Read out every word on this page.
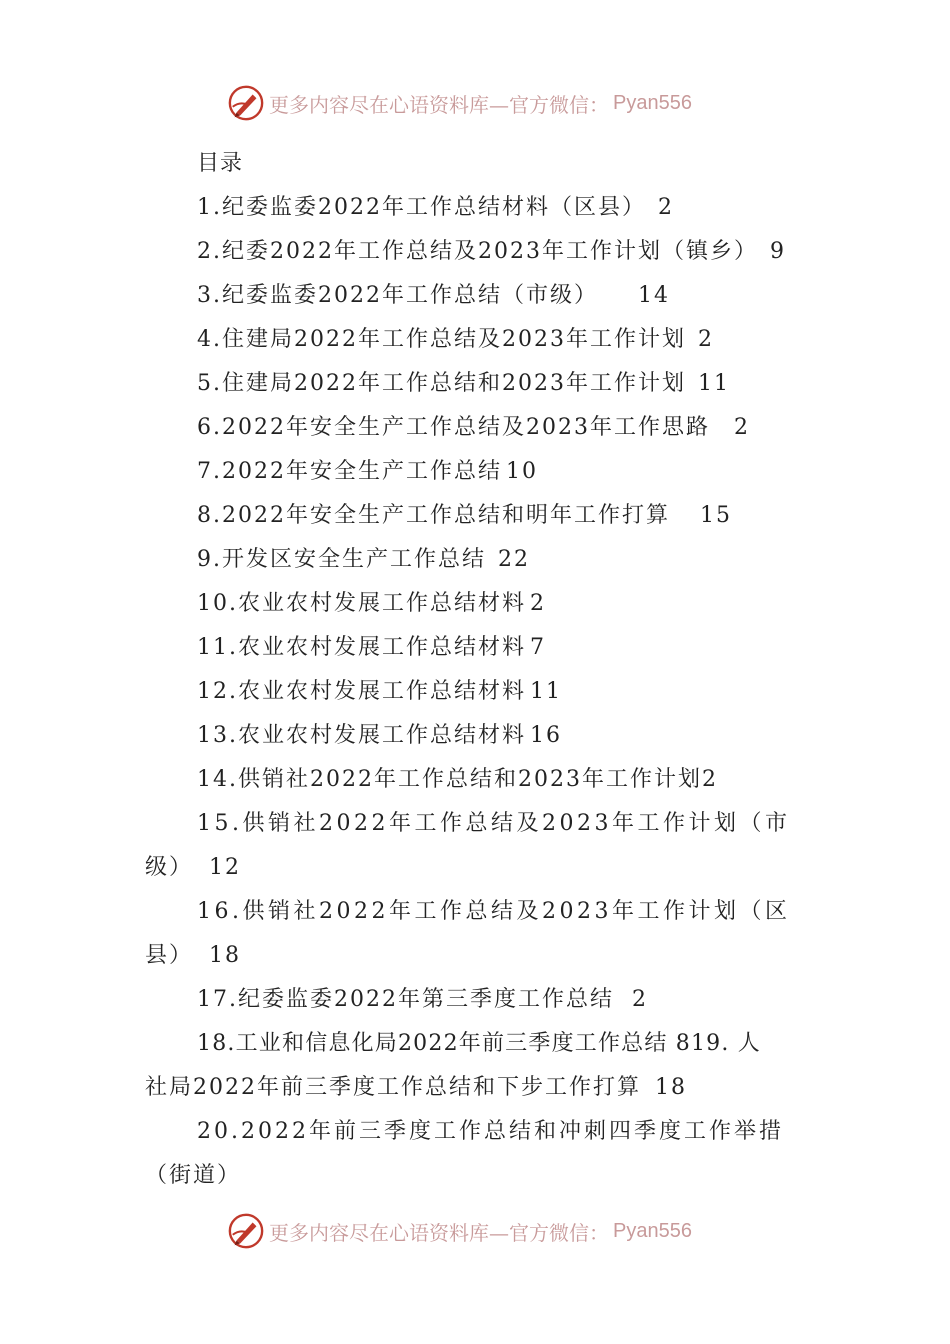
更多内容尽在心语资料库—官方微信： Pyan556
目录
1.纪委监委2022年工作总结材料（区县） 2
2.纪委2022年工作总结及2023年工作计划（镇乡） 9
3.纪委监委2022年工作总结（市级） 14
4.住建局2022年工作总结及2023年工作计划 2
5.住建局2022年工作总结和2023年工作计划 11
6.2022年安全生产工作总结及2023年工作思路 2
7.2022年安全生产工作总结 10
8.2022年安全生产工作总结和明年工作打算 15
9.开发区安全生产工作总结 22
10.农业农村发展工作总结材料 2
11.农业农村发展工作总结材料 7
12.农业农村发展工作总结材料 11
13.农业农村发展工作总结材料 16
14.供销社2022年工作总结和2023年工作计划2
15.供销社2022年工作总结及2023年工作计划（市
级） 12
16.供销社2022年工作总结及2023年工作计划（区
县） 18
17.纪委监委2022年第三季度工作总结 2
18.工业和信息化局2022年前三季度工作总结 819. 人
社局2022年前三季度工作总结和下步工作打算 18
20.2022年前三季度工作总结和冲刺四季度工作举措
（街道）
更多内容尽在心语资料库—官方微信： Pyan556
